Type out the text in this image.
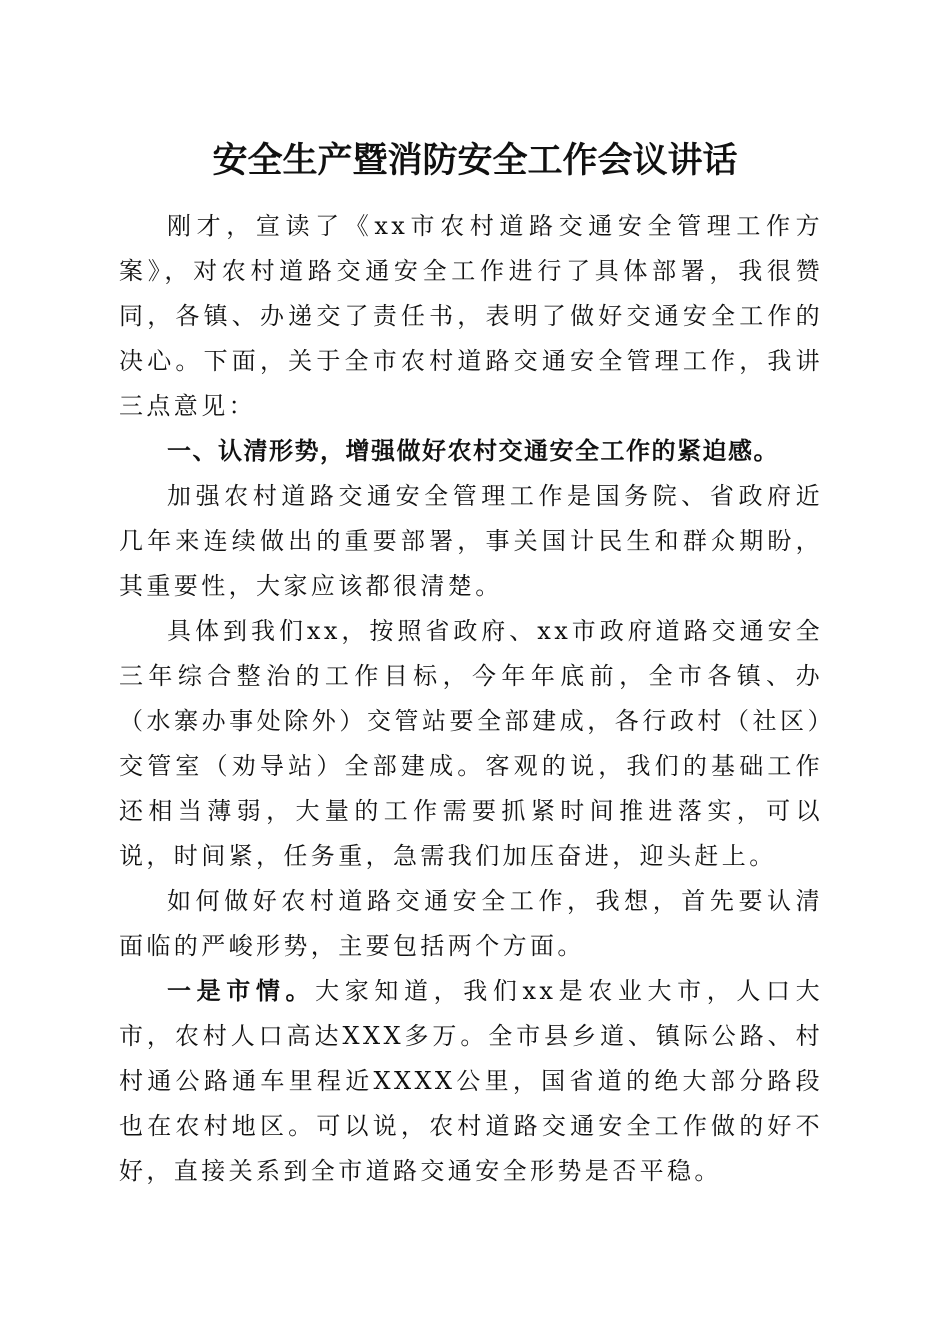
安全生产暨消防安全工作会议讲话

刚才，宣读了《xx市农村道路交通安全管理工作方案》，对农村道路交通安全工作进行了具体部署，我很赞同，各镇、办递交了责任书，表明了做好交通安全工作的决心。下面，关于全市农村道路交通安全管理工作，我讲三点意见：

一、认清形势，增强做好农村交通安全工作的紧迫感。

加强农村道路交通安全管理工作是国务院、省政府近几年来连续做出的重要部署，事关国计民生和群众期盼，其重要性，大家应该都很清楚。

具体到我们xx，按照省政府、xx市政府道路交通安全三年综合整治的工作目标，今年年底前，全市各镇、办（水寨办事处除外）交管站要全部建成，各行政村（社区）交管室（劝导站）全部建成。客观的说，我们的基础工作还相当薄弱，大量的工作需要抓紧时间推进落实，可以说，时间紧，任务重，急需我们加压奋进，迎头赶上。

如何做好农村道路交通安全工作，我想，首先要认清面临的严峻形势，主要包括两个方面。

一是市情。大家知道，我们xx是农业大市，人口大市，农村人口高达XXX多万。全市县乡道、镇际公路、村村通公路通车里程近XXXX公里，国省道的绝大部分路段也在农村地区。可以说，农村道路交通安全工作做的好不好，直接关系到全市道路交通安全形势是否平稳。
